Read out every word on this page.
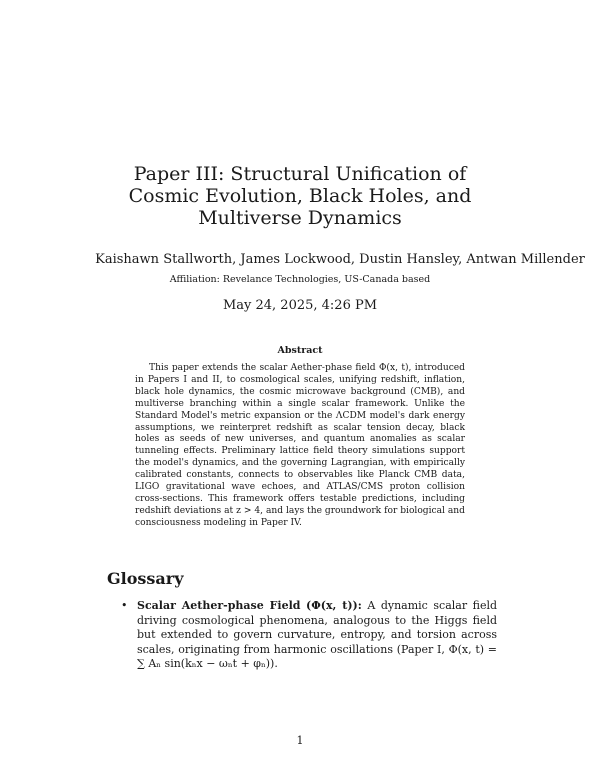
Paper III: Structural Unification of Cosmic Evolution, Black Holes, and Multiverse Dynamics
Kaishawn Stallworth, James Lockwood, Dustin Hansley, Antwan Millender
Affiliation: Revelance Technologies, US-Canada based
May 24, 2025, 4:26 PM
Abstract

This paper extends the scalar Aether-phase field Φ(x, t), introduced in Papers I and II, to cosmological scales, unifying redshift, inflation, black hole dynamics, the cosmic microwave background (CMB), and multiverse branching within a single scalar framework. Unlike the Standard Model's metric expansion or the ΛCDM model's dark energy assumptions, we reinterpret redshift as scalar tension decay, black holes as seeds of new universes, and quantum anomalies as scalar tunneling effects. Preliminary lattice field theory simulations support the model's dynamics, and the governing Lagrangian, with empirically calibrated constants, connects to observables like Planck CMB data, LIGO gravitational wave echoes, and ATLAS/CMS proton collision cross-sections. This framework offers testable predictions, including redshift deviations at z > 4, and lays the groundwork for biological and consciousness modeling in Paper IV.

Glossary
• Scalar Aether-phase Field (Φ(x, t)): A dynamic scalar field driving cosmological phenomena, analogous to the Higgs field but extended to govern curvature, entropy, and torsion across scales, originating from harmonic oscillations (Paper I, Φ(x, t) = ∑ Aₙ sin(kₙx − ωₙt + φₙ)).
1
